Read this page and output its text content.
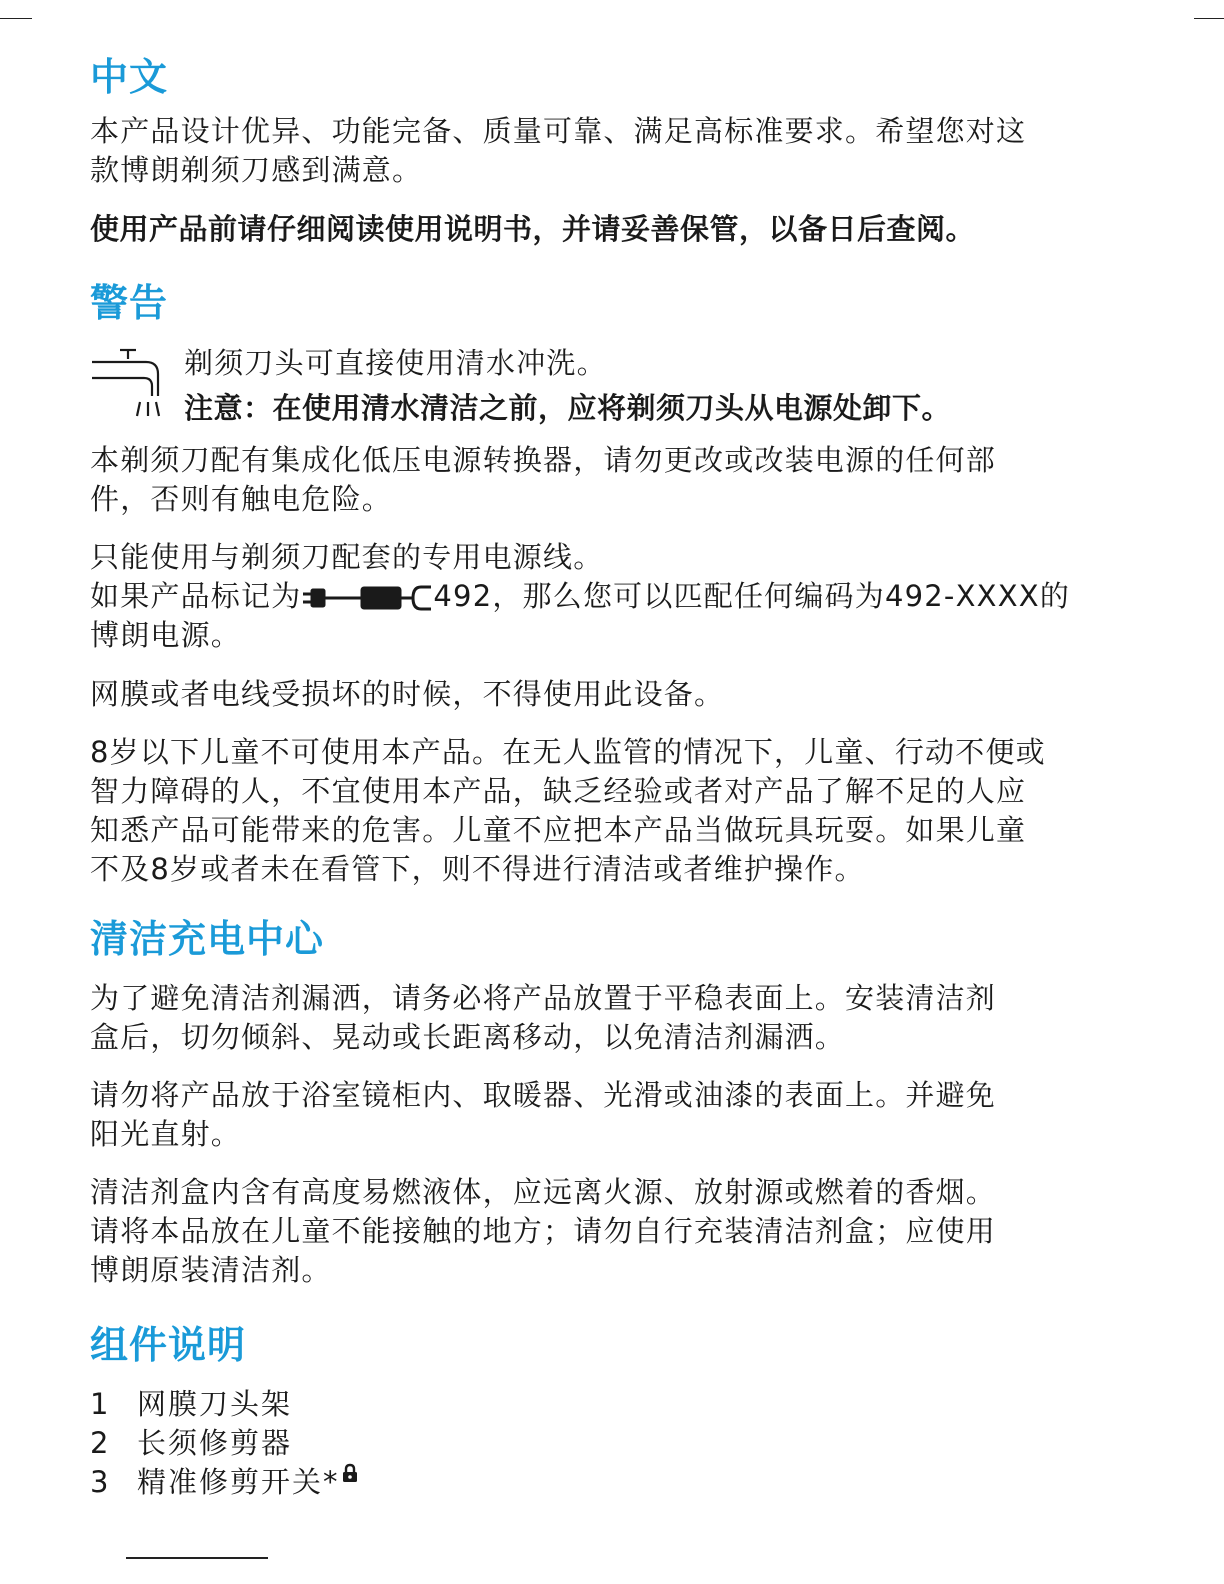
中文

本产品设计优异、功能完备、质量可靠、满足高标准要求。希望您对这
款博朗剃须刀感到满意。

使用产品前请仔细阅读使用说明书，并请妥善保管，以备日后查阅。

警告
剃须刀头可直接使用清水冲洗。
注意：在使用清水清洁之前，应将剃须刀头从电源处卸下。

本剃须刀配有集成化低压电源转换器，请勿更改或改装电源的任何部
件，否则有触电危险。

只能使用与剃须刀配套的专用电源线。
如果产品标记为	492，那么您可以匹配任何编码为492-XXXX的
博朗电源。

网膜或者电线受损坏的时候，不得使用此设备。

8岁以下儿童不可使用本产品。在无人监管的情况下，儿童、行动不便或
智力障碍的人，不宜使用本产品，缺乏经验或者对产品了解不足的人应
知悉产品可能带来的危害。儿童不应把本产品当做玩具玩耍。如果儿童
不及8岁或者未在看管下，则不得进行清洁或者维护操作。

清洁充电中心

为了避免清洁剂漏洒，请务必将产品放置于平稳表面上。安装清洁剂
盒后，切勿倾斜、晃动或长距离移动，以免清洁剂漏洒。

请勿将产品放于浴室镜柜内、取暖器、光滑或油漆的表面上。并避免
阳光直射。

清洁剂盒内含有高度易燃液体，应远离火源、放射源或燃着的香烟。
请将本品放在儿童不能接触的地方；请勿自行充装清洁剂盒；应使用
博朗原装清洁剂。

组件说明
1 网膜刀头架
2 长须修剪器
3 精准修剪开关*
